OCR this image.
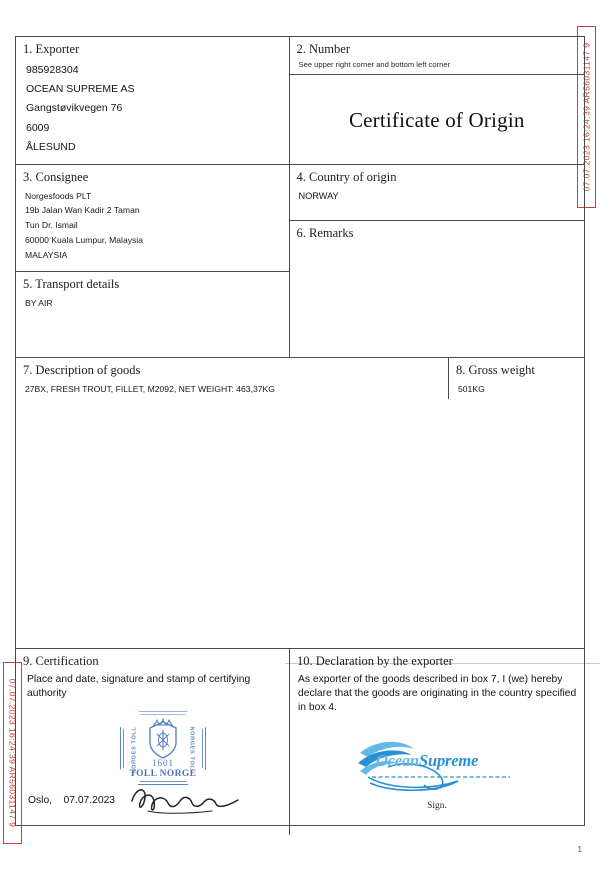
07.07.2023 16:24:39 AR56031147 9
07.07.2023 16:24:39 AR56031147 9
1. Exporter
985928304
OCEAN SUPREME AS
Gangstøvikvegen 76
6009
ÅLESUND
2. Number
See upper right corner and bottom left corner
Certificate of Origin
3. Consignee
Norgesfoods PLT
19b Jalan Wan Kadir 2 Taman
Tun Dr. Ismail
60000 Kuala Lumpur, Malaysia
MALAYSIA
5. Transport details
BY AIR
4. Country of origin
NORWAY
6. Remarks
7. Description of goods
27BX, FRESH TROUT, FILLET, M2092, NET WEIGHT: 463,37KG
8. Gross weight
501KG
9. Certification
Place and date, signature and stamp of certifying authority
NORGES TOLL	NORGES TOLL
1601
TOLL NORGE
Oslo, 07.07.2023
10. Declaration by the exporter
As exporter of the goods described in box 7, I (we) hereby declare that the goods are originating in the country specified in box 4.
OceanSupreme
Sign.
1
